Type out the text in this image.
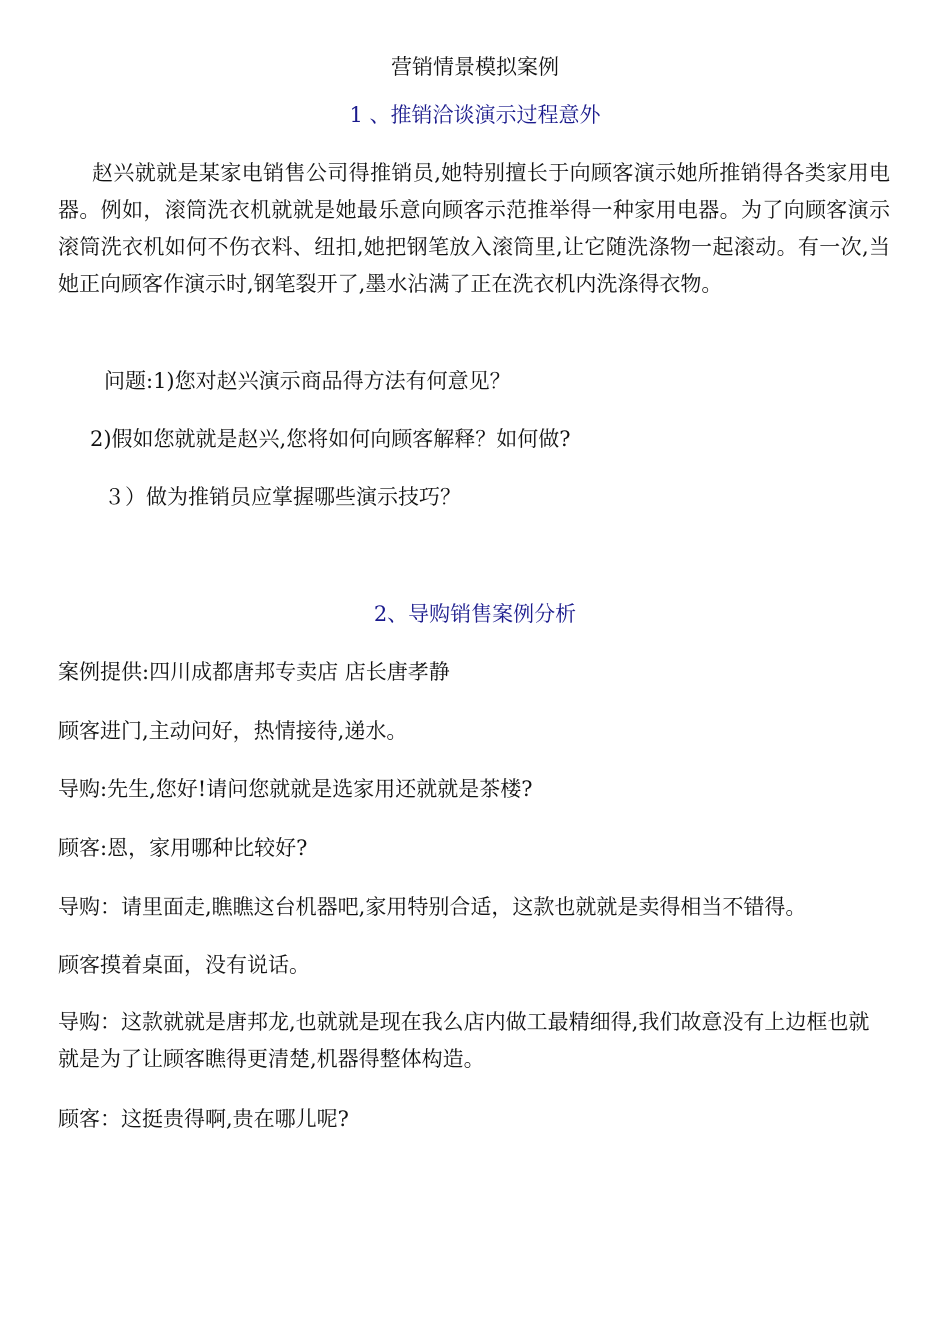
营销情景模拟案例
1 、推销洽谈演示过程意外
赵兴就就是某家电销售公司得推销员,她特别擅长于向顾客演示她所推销得各类家用电器。例如，滚筒洗衣机就就是她最乐意向顾客示范推举得一种家用电器。为了向顾客演示滚筒洗衣机如何不伤衣料、纽扣,她把钢笔放入滚筒里,让它随洗涤物一起滚动。有一次,当她正向顾客作演示时,钢笔裂开了,墨水沾满了正在洗衣机内洗涤得衣物。
问题:1)您对赵兴演示商品得方法有何意见？
2)假如您就就是赵兴,您将如何向顾客解释？如何做?
３）做为推销员应掌握哪些演示技巧？
2、导购销售案例分析
案例提供:四川成都唐邦专卖店 店长唐孝静
顾客进门,主动问好，热情接待,递水。
导购:先生,您好!请问您就就是选家用还就就是茶楼?
顾客:恩，家用哪种比较好?
导购：请里面走,瞧瞧这台机器吧,家用特别合适，这款也就就是卖得相当不错得。
顾客摸着桌面，没有说话。
导购：这款就就是唐邦龙,也就就是现在我么店内做工最精细得,我们故意没有上边框也就就是为了让顾客瞧得更清楚,机器得整体构造。
顾客：这挺贵得啊,贵在哪儿呢?
